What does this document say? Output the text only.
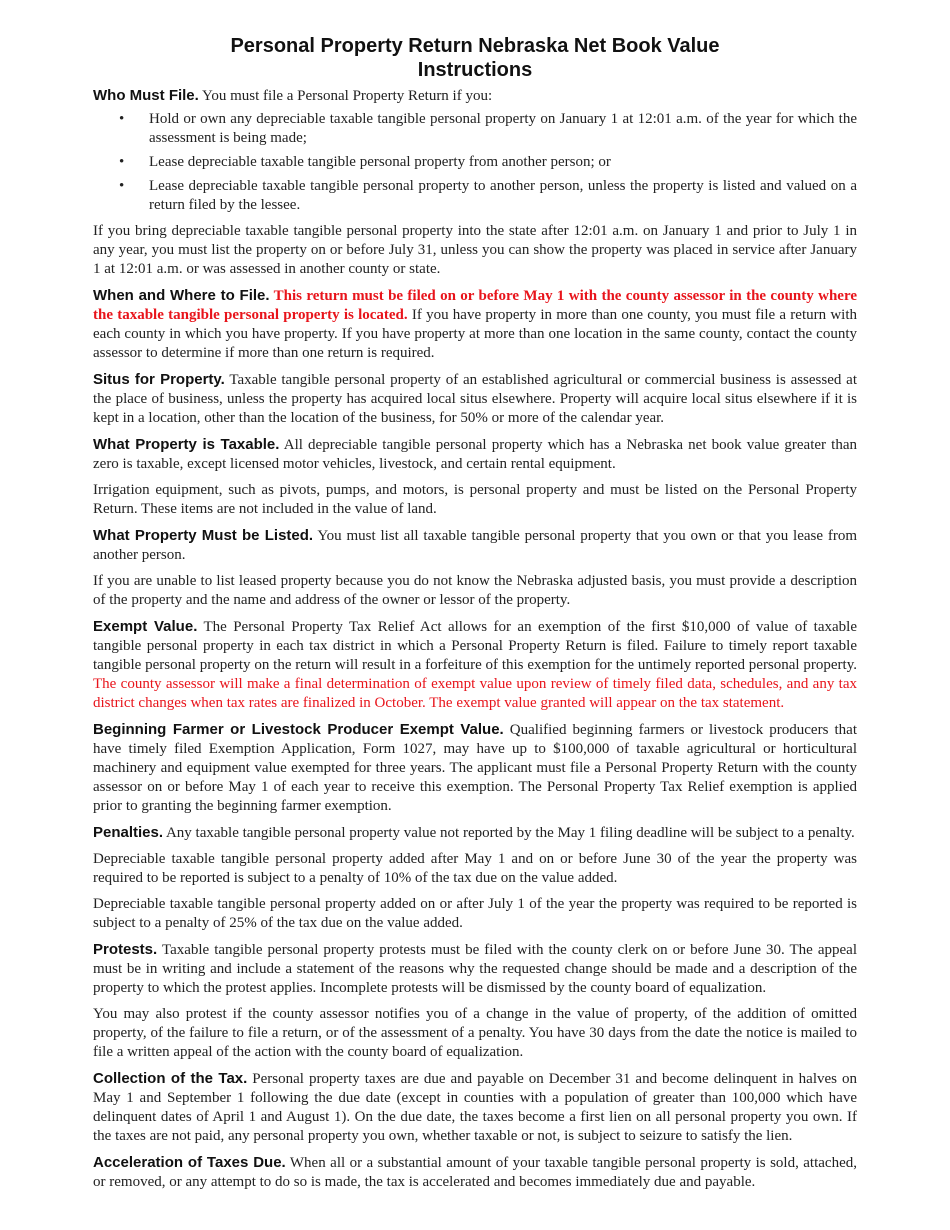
Personal Property Return Nebraska Net Book Value
Instructions

Who Must File. You must file a Personal Property Return if you:

• Hold or own any depreciable taxable tangible personal property on January 1 at 12:01 a.m. of the year for which the assessment is being made;
• Lease depreciable taxable tangible personal property from another person; or
• Lease depreciable taxable tangible personal property to another person, unless the property is listed and valued on a return filed by the lessee.

If you bring depreciable taxable tangible personal property into the state after 12:01 a.m. on January 1 and prior to July 1 in any year, you must list the property on or before July 31, unless you can show the property was placed in service after January 1 at 12:01 a.m. or was assessed in another county or state.

When and Where to File. This return must be filed on or before May 1 with the county assessor in the county where the taxable tangible personal property is located. If you have property in more than one county, you must file a return with each county in which you have property. If you have property at more than one location in the same county, contact the county assessor to determine if more than one return is required.

Situs for Property. Taxable tangible personal property of an established agricultural or commercial business is assessed at the place of business, unless the property has acquired local situs elsewhere. Property will acquire local situs elsewhere if it is kept in a location, other than the location of the business, for 50% or more of the calendar year.

What Property is Taxable. All depreciable tangible personal property which has a Nebraska net book value greater than zero is taxable, except licensed motor vehicles, livestock, and certain rental equipment.

Irrigation equipment, such as pivots, pumps, and motors, is personal property and must be listed on the Personal Property Return. These items are not included in the value of land.

What Property Must be Listed. You must list all taxable tangible personal property that you own or that you lease from another person.

If you are unable to list leased property because you do not know the Nebraska adjusted basis, you must provide a description of the property and the name and address of the owner or lessor of the property.

Exempt Value. The Personal Property Tax Relief Act allows for an exemption of the first $10,000 of value of taxable tangible personal property in each tax district in which a Personal Property Return is filed. Failure to timely report taxable tangible personal property on the return will result in a forfeiture of this exemption for the untimely reported personal property. The county assessor will make a final determination of exempt value upon review of timely filed data, schedules, and any tax district changes when tax rates are finalized in October. The exempt value granted will appear on the tax statement.

Beginning Farmer or Livestock Producer Exempt Value. Qualified beginning farmers or livestock producers that have timely filed Exemption Application, Form 1027, may have up to $100,000 of taxable agricultural or horticultural machinery and equipment value exempted for three years. The applicant must file a Personal Property Return with the county assessor on or before May 1 of each year to receive this exemption. The Personal Property Tax Relief exemption is applied prior to granting the beginning farmer exemption.

Penalties. Any taxable tangible personal property value not reported by the May 1 filing deadline will be subject to a penalty.

Depreciable taxable tangible personal property added after May 1 and on or before June 30 of the year the property was required to be reported is subject to a penalty of 10% of the tax due on the value added.

Depreciable taxable tangible personal property added on or after July 1 of the year the property was required to be reported is subject to a penalty of 25% of the tax due on the value added.

Protests. Taxable tangible personal property protests must be filed with the county clerk on or before June 30. The appeal must be in writing and include a statement of the reasons why the requested change should be made and a description of the property to which the protest applies. Incomplete protests will be dismissed by the county board of equalization.

You may also protest if the county assessor notifies you of a change in the value of property, of the addition of omitted property, of the failure to file a return, or of the assessment of a penalty. You have 30 days from the date the notice is mailed to file a written appeal of the action with the county board of equalization.

Collection of the Tax. Personal property taxes are due and payable on December 31 and become delinquent in halves on May 1 and September 1 following the due date (except in counties with a population of greater than 100,000 which have delinquent dates of April 1 and August 1). On the due date, the taxes become a first lien on all personal property you own. If the taxes are not paid, any personal property you own, whether taxable or not, is subject to seizure to satisfy the lien.

Acceleration of Taxes Due. When all or a substantial amount of your taxable tangible personal property is sold, attached, or removed, or any attempt to do so is made, the tax is accelerated and becomes immediately due and payable.
